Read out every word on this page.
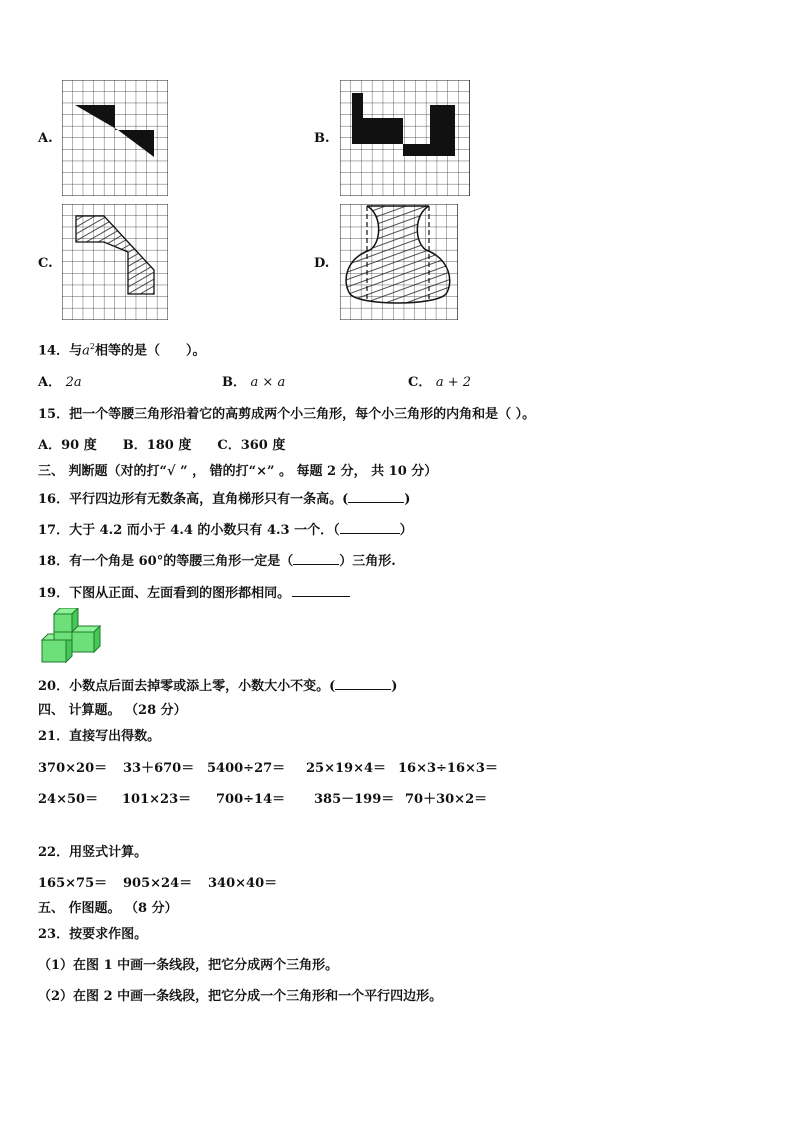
A.	B.
C.	D.
14．与$a^2$相等的是（　　）。
A． 2a	B． a × a	C． a + 2
15．把一个等腰三角形沿着它的高剪成两个小三角形，每个小三角形的内角和是（ ）。
A．90 度　　B．180 度　　C．360 度
三、 判断题（对的打“√ ” ， 错的打“×” 。 每题 2 分， 共 10 分）
16．平行四边形有无数条高，直角梯形只有一条高。(	)
17．大于 4.2 而小于 4.4 的小数只有 4.3 一个．（	）
18．有一个角是 60°的等腰三角形一定是（	）三角形.
19．下图从正面、左面看到的图形都相同。
20．小数点后面去掉零或添上零，小数大小不变。(	)
四、 计算题。 （28 分）
21．直接写出得数。
370×20＝ 33＋670＝ 5400÷27＝ 25×19×4＝ 16×3÷16×3＝
24×50＝ 101×23＝ 700÷14＝ 385－199＝ 70＋30×2＝
22．用竖式计算。
165×75＝ 905×24＝ 340×40＝
五、 作图题。 （8 分）
23．按要求作图。
（1）在图 1 中画一条线段，把它分成两个三角形。
（2）在图 2 中画一条线段，把它分成一个三角形和一个平行四边形。
